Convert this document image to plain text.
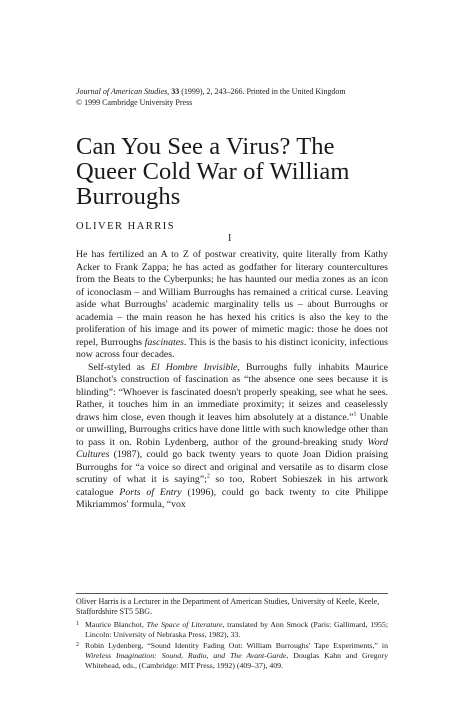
Journal of American Studies, 33 (1999), 2, 243–266. Printed in the United Kingdom
© 1999 Cambridge University Press
Can You See a Virus? The Queer Cold War of William Burroughs
OLIVER HARRIS
I

He has fertilized an A to Z of postwar creativity, quite literally from Kathy Acker to Frank Zappa; he has acted as godfather for literary countercultures from the Beats to the Cyberpunks; he has haunted our media zones as an icon of iconoclasm – and William Burroughs has remained a critical curse. Leaving aside what Burroughs' academic marginality tells us – about Burroughs or academia – the main reason he has hexed his critics is also the key to the proliferation of his image and its power of mimetic magic: those he does not repel, Burroughs fascinates. This is the basis to his distinct iconicity, infectious now across four decades.

Self-styled as El Hombre Invisible, Burroughs fully inhabits Maurice Blanchot's construction of fascination as “the absence one sees because it is blinding”: “Whoever is fascinated doesn't properly speaking, see what he sees. Rather, it touches him in an immediate proximity; it seizes and ceaselessly draws him close, even though it leaves him absolutely at a distance.”$^1$ Unable or unwilling, Burroughs critics have done little with such knowledge other than to pass it on. Robin Lydenberg, author of the ground-breaking study Word Cultures (1987), could go back twenty years to quote Joan Didion praising Burroughs for “a voice so direct and original and versatile as to disarm close scrutiny of what it is saying”;$^2$ so too, Robert Sobieszek in his artwork catalogue Ports of Entry (1996), could go back twenty to cite Philippe Mikriammos' formula, “vox

Oliver Harris is a Lecturer in the Department of American Studies, University of Keele, Keele, Staffordshire ST5 5BG.
1 Maurice Blanchot, The Space of Literature, translated by Ann Smock (Paris: Gallimard, 1955; Lincoln: University of Nebraska Press, 1982), 33.
2 Robin Lydenberg, “Sound Identity Fading Out: William Burroughs' Tape Experiments,” in Wireless Imagination: Sound, Radio, and The Avant-Garde, Douglas Kahn and Gregory Whitehead, eds., (Cambridge: MIT Press, 1992) (409–37), 409.
